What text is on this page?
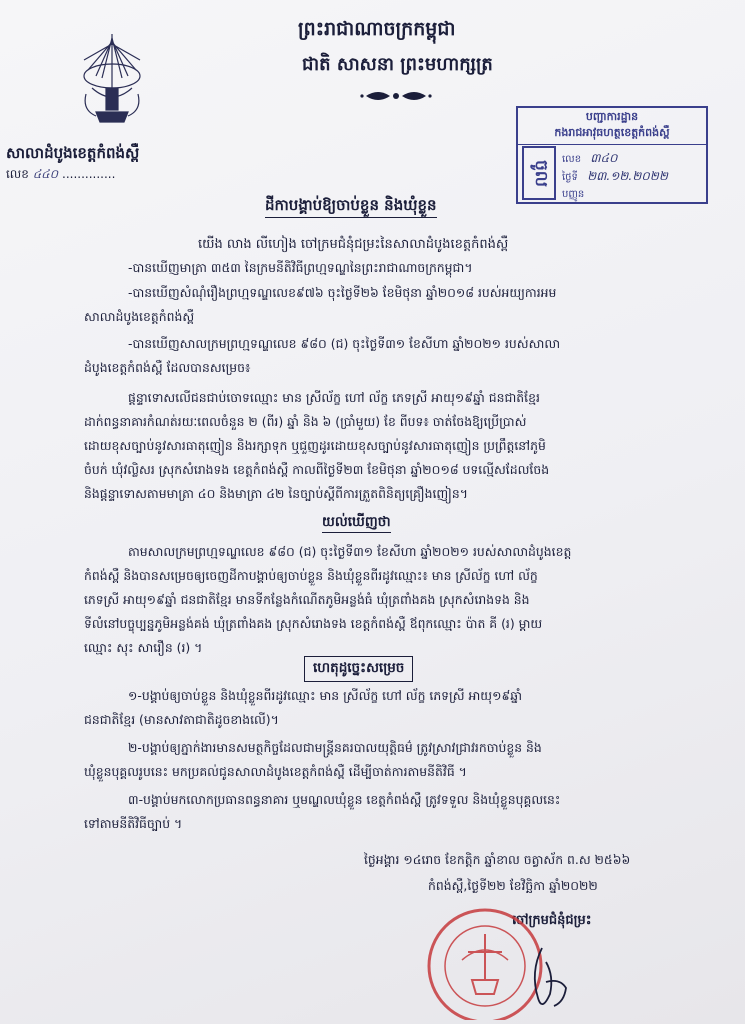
ព្រះរាជាណាចក្រកម្ពុជា
ជាតិ សាសនា ព្រះមហាក្សត្រ
បញ្ជាការដ្ឋាន
កងរាជអាវុធហត្ថខេត្តកំពង់ស្ពឺ
ចូល	លេខ ៣៤០
ថ្ងៃទី ២៣.១២.២០២២
បញ្ញូន
សាលាដំបូងខេត្តកំពង់ស្ពឺ
លេខ ៤៤០ ..............
ដីកាបង្គាប់ឱ្យចាប់ខ្លួន និងឃុំខ្លួន
យើង លាង លីហៀង ចៅក្រមជំនុំជម្រះនៃសាលាដំបូងខេត្តកំពង់ស្ពឺ
-បានឃើញមាត្រា ៣៥៣ នៃក្រមនីតិវិធីព្រហ្មទណ្ឌនៃព្រះរាជាណាចក្រកម្ពុជា។
-បានឃើញសំណុំរឿងព្រហ្មទណ្ឌលេខ៩៧៦ ចុះថ្ងៃទី២៦ ខែមិថុនា ឆ្នាំ២០១៨ របស់អយ្យការអម
សាលាដំបូងខេត្តកំពង់ស្ពឺ
-បានឃើញសាលក្រមព្រហ្មទណ្ឌលេខ ៩៨០ (ជ) ចុះថ្ងៃទី៣១ ខែសីហា ឆ្នាំ២០២១ របស់សាលា
ដំបូងខេត្តកំពង់ស្ពឺ ដែលបានសម្រេច៖
ផ្តន្ទាទោសលើជនជាប់ចោទឈ្មោះ មាន ស្រីល័ក្ខ ហៅ ល័ក្ខ ភេទស្រី អាយុ១៩ឆ្នាំ ជនជាតិខ្មែរ
ដាក់ពន្ធនាគារកំណត់រយៈពេលចំនួន ២ (ពីរ) ឆ្នាំ និង ៦ (ប្រាំមួយ) ខែ ពីបទ៖ ចាត់ចែងឱ្យប្រើប្រាស់
ដោយខុសច្បាប់នូវសារធាតុញៀន និងរក្សាទុក ឬជួញដូរដោយខុសច្បាប់នូវសារធាតុញៀន ប្រព្រឹត្តនៅភូមិ
ចំបក់ ឃុំវល្លិសរ ស្រុកសំរោងទង ខេត្តកំពង់ស្ពឺ កាលពីថ្ងៃទី២៣ ខែមិថុនា ឆ្នាំ២០១៨ បទល្មើសដែលចែង
និងផ្តន្ទាទោសតាមមាត្រា ៤០ និងមាត្រា ៤២ នៃច្បាប់ស្តីពីការត្រួតពិនិត្យគ្រឿងញៀន។
យល់ឃើញថា
តាមសាលក្រមព្រហ្មទណ្ឌលេខ ៩៨០ (ជ) ចុះថ្ងៃទី៣១ ខែសីហា ឆ្នាំ២០២១ របស់សាលាដំបូងខេត្ត
កំពង់ស្ពឺ និងបានសម្រេចឲ្យចេញដីកាបង្គាប់ឲ្យចាប់ខ្លួន និងឃុំខ្លួនពីរដូវឈ្មោះ៖ មាន ស្រីល័ក្ខ ហៅ ល័ក្ខ
ភេទស្រី អាយុ១៩ឆ្នាំ ជនជាតិខ្មែរ មានទីកន្លែងកំណើតភូមិអន្លង់ធំ ឃុំត្រពាំងគង ស្រុកសំរោងទង និង
ទីលំនៅបច្ចុប្បន្នភូមិអន្លង់គង់ ឃុំត្រពាំងគង ស្រុកសំរោងទង ខេត្តកំពង់ស្ពឺ ឪពុកឈ្មោះ ប៉ាត គី (រ) ម្ដាយ
ឈ្មោះ សុះ សារឿន (រ) ។
ហេតុដូច្នេះសម្រេច
១-បង្គាប់ឲ្យចាប់ខ្លួន និងឃុំខ្លួនពីរដូវឈ្មោះ មាន ស្រីល័ក្ខ ហៅ ល័ក្ខ ភេទស្រី អាយុ១៩ឆ្នាំ
ជនជាតិខ្មែរ (មានសាវតាជាតិដូចខាងលើ)។
២-បង្គាប់ឲ្យភ្នាក់ងារមានសមត្ថកិច្ចដែលជាមន្ត្រីនគរបាលយុត្តិធម៌ ត្រូវស្រាវជ្រាវរកចាប់ខ្លួន និង
ឃុំខ្លួនបុគ្គលរូបនេះ មកប្រគល់ជូនសាលាដំបូងខេត្តកំពង់ស្ពឺ ដើម្បីចាត់ការតាមនីតិវិធី ។
៣-បង្គាប់មកលោកប្រធានពន្ធនាគារ ឬមណ្ឌលឃុំខ្លួន ខេត្តកំពង់ស្ពឺ ត្រូវទទួល និងឃុំខ្លួនបុគ្គលនេះ
ទៅតាមនីតិវិធីច្បាប់ ។
ថ្ងៃអង្គារ ១៤រោច ខែកត្តិក ឆ្នាំខាល ចត្វាស័ក ព.ស ២៥៦៦
កំពង់ស្ពឺ,ថ្ងៃទី២២ ខែវិច្ឆិកា ឆ្នាំ២០២២
ចៅក្រមជំនុំជម្រះ
